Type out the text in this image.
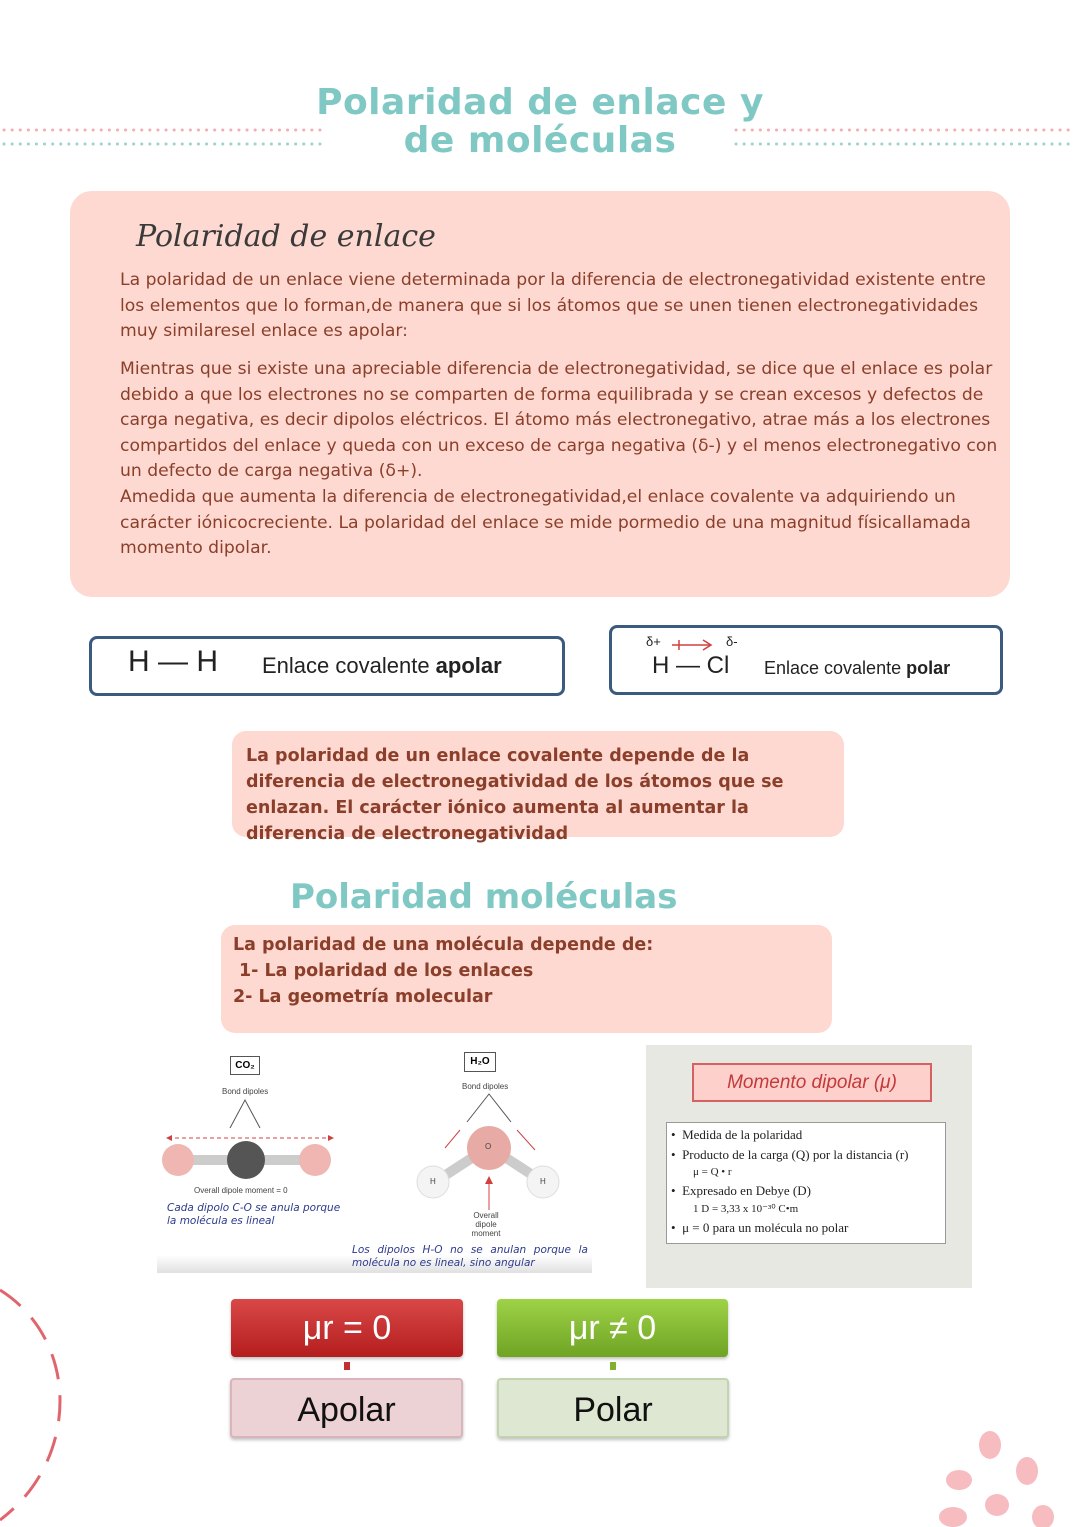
Polaridad de enlace y
de moléculas
Polaridad de enlace
La polaridad de un enlace viene determinada por la diferencia de electronegatividad existente entre los elementos que lo forman,de manera que si los átomos que se unen tienen electronegatividades muy similaresel enlace es apolar:
Mientras que si existe una apreciable diferencia de electronegatividad, se dice que el enlace es polar debido a que los electrones no se comparten de forma equilibrada y se crean excesos y defectos de carga negativa, es decir dipolos eléctricos. El átomo más electronegativo, atrae más a los electrones compartidos del enlace y queda con un exceso de carga negativa (δ-) y el menos electronegativo con un defecto de carga negativa (δ+).
Amedida que aumenta la diferencia de electronegatividad,el enlace covalente va adquiriendo un carácter iónicocreciente. La polaridad del enlace se mide pormedio de una magnitud físicallamada momento dipolar.
H — H Enlace covalente apolar
δ+	δ-
H — Cl Enlace covalente polar
La polaridad de un enlace covalente depende de la diferencia de electronegatividad de los átomos que se enlazan. El carácter iónico aumenta al aumentar la diferencia de electronegatividad
Polaridad moléculas
La polaridad de una molécula depende de:
1- La polaridad de los enlaces
2- La geometría molecular
CO₂
Bond dipoles
Overall dipole moment = 0
Cada dipolo C-O se anula porque la molécula es lineal
H₂O
Bond dipoles
O
H	H
Overall
dipole
moment
Los dipolos H-O no se anulan porque la molécula no es lineal, sino angular
Momento dipolar (μ)
•  Medida de la polaridad
•  Producto de la carga (Q) por la distancia (r)
μ = Q • r
•  Expresado en Debye (D)
1 D = 3,33 x 10⁻³⁰ C•m
•  μ = 0 para un molécula no polar
μr = 0	μr ≠ 0
Apolar	Polar
